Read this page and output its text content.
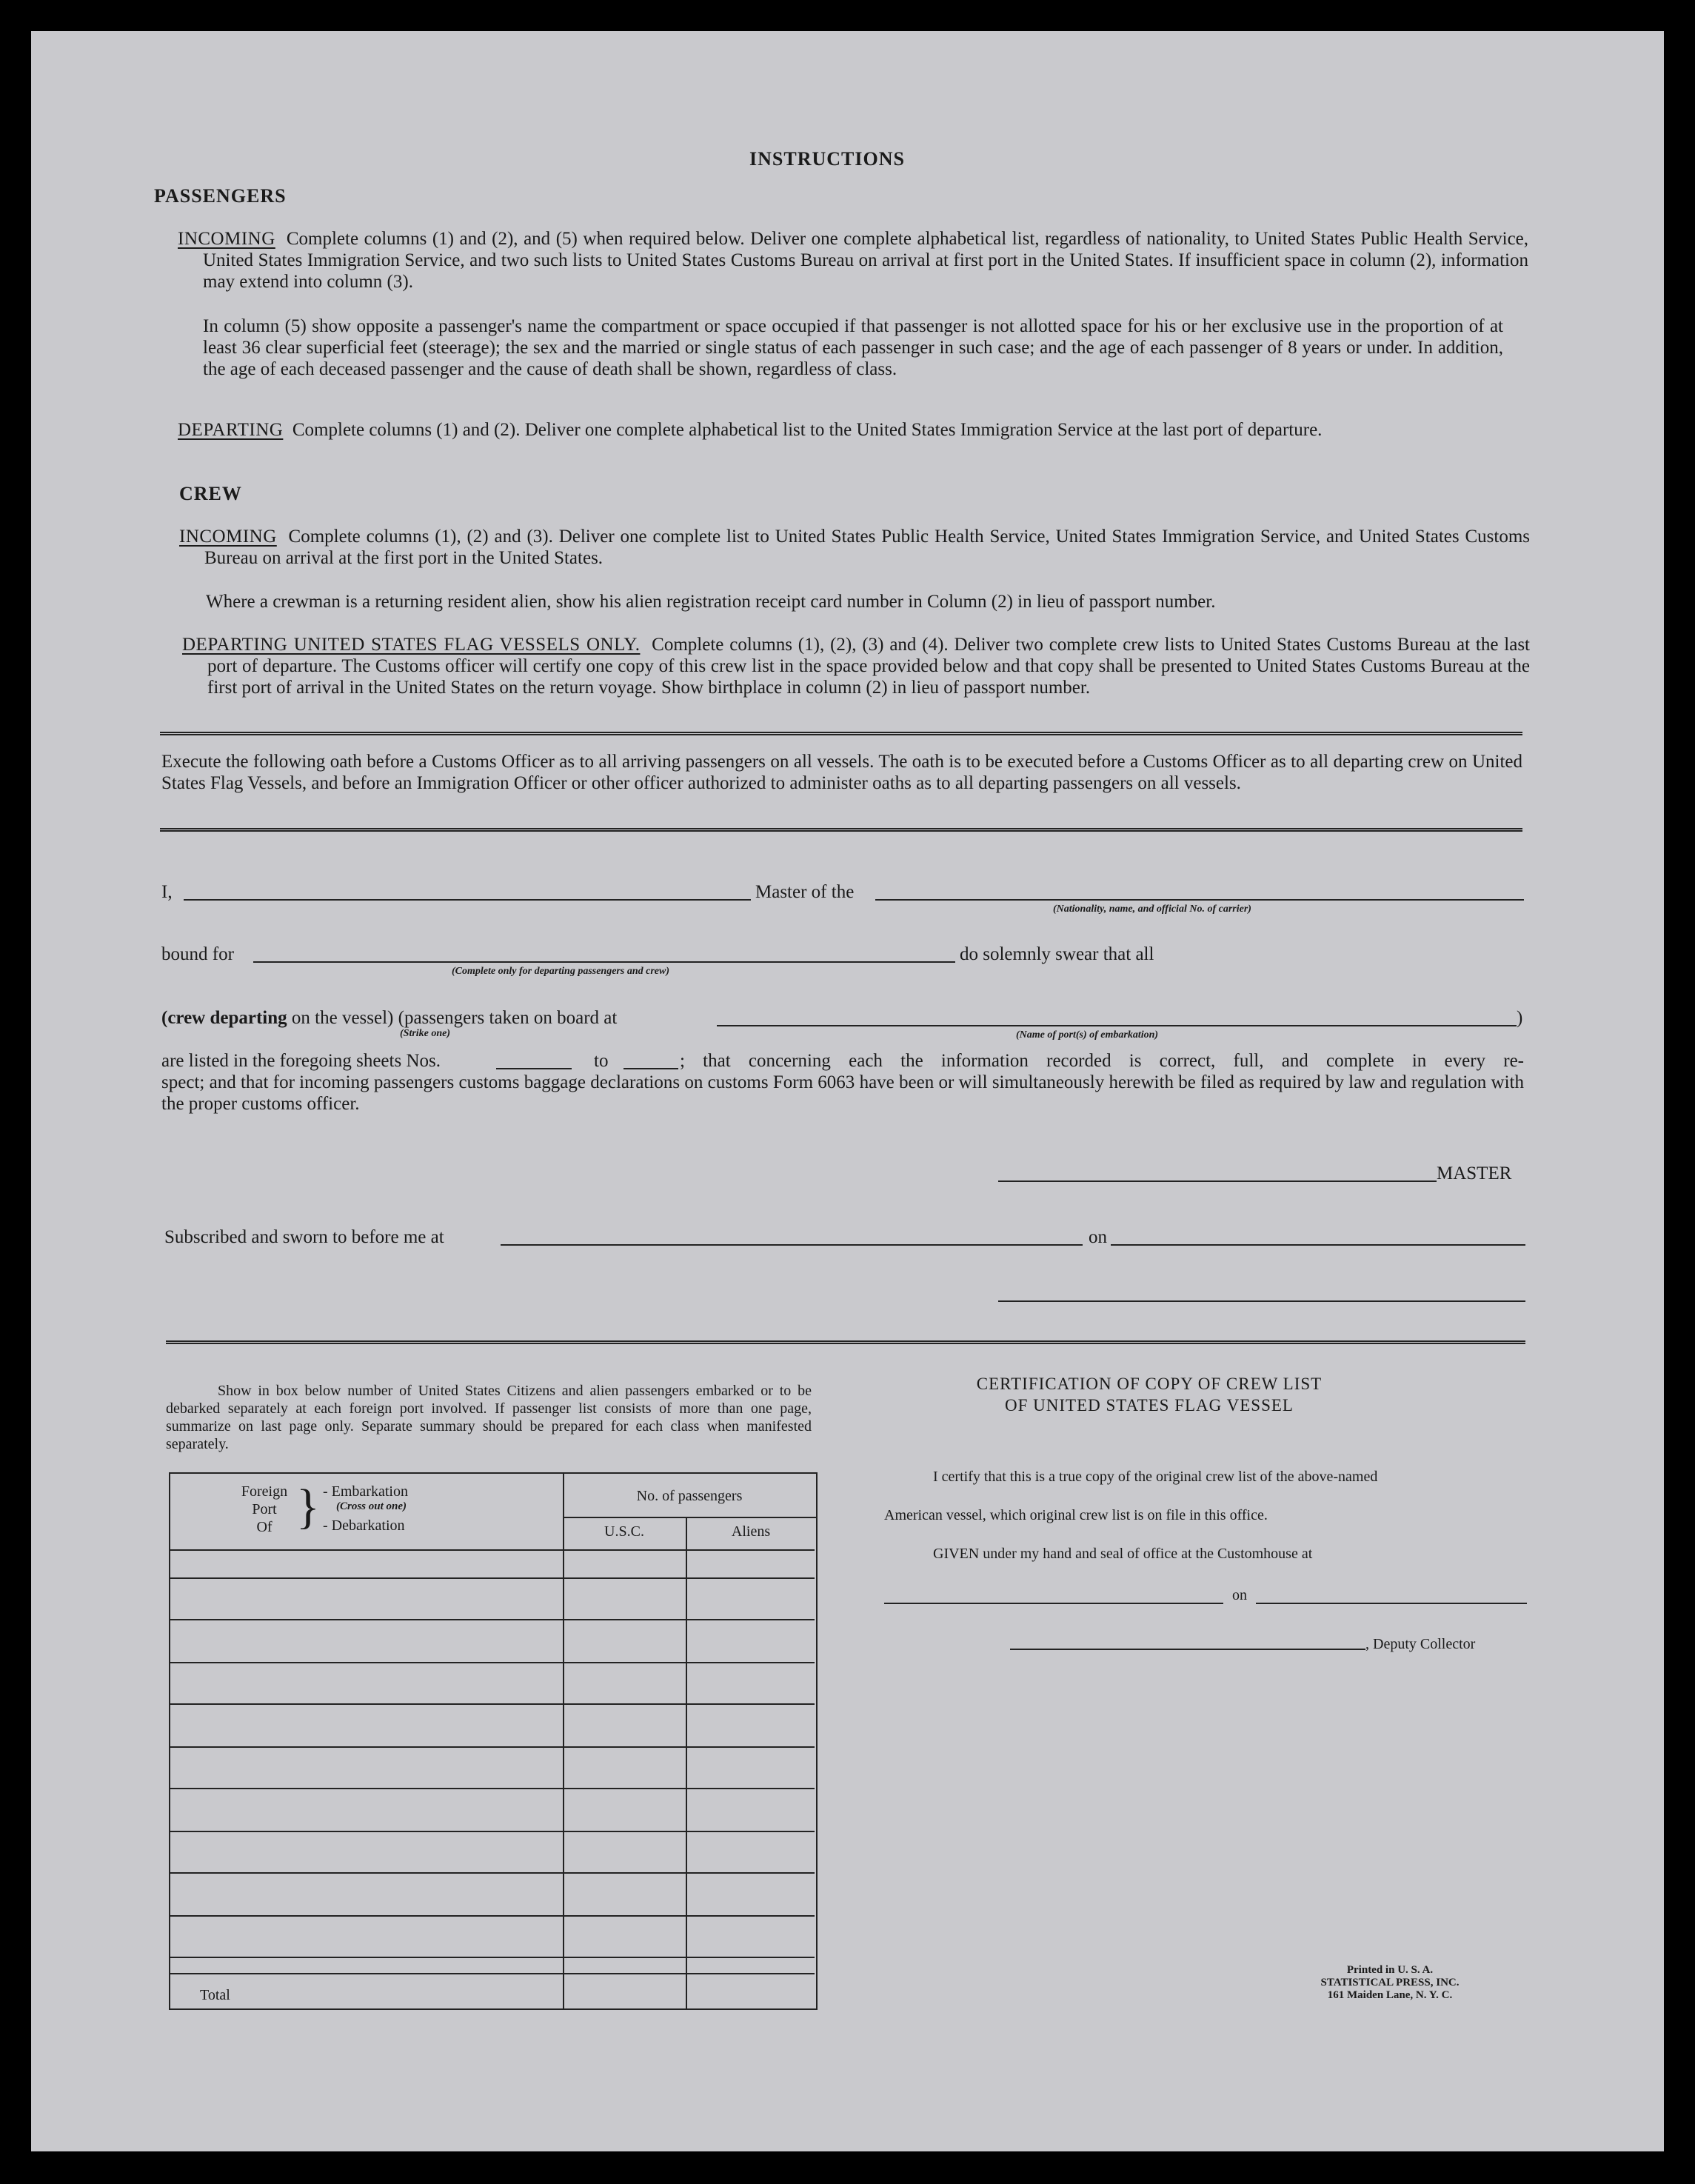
INSTRUCTIONS
PASSENGERS
INCOMING Complete columns (1) and (2), and (5) when required below. Deliver one complete alphabetical list, regardless of nationality, to United States Public Health Service, United States Immigration Service, and two such lists to United States Customs Bureau on arrival at first port in the United States. If insufficient space in column (2), information may extend into column (3).
In column (5) show opposite a passenger's name the compartment or space occupied if that passenger is not allotted space for his or her exclusive use in the proportion of at least 36 clear superficial feet (steerage); the sex and the married or single status of each passenger in such case; and the age of each passenger of 8 years or under. In addition, the age of each deceased passenger and the cause of death shall be shown, regardless of class.
DEPARTING Complete columns (1) and (2). Deliver one complete alphabetical list to the United States Immigration Service at the last port of departure.
CREW
INCOMING Complete columns (1), (2) and (3). Deliver one complete list to United States Public Health Service, United States Immigration Service, and United States Customs Bureau on arrival at the first port in the United States.
Where a crewman is a returning resident alien, show his alien registration receipt card number in Column (2) in lieu of passport number.
DEPARTING UNITED STATES FLAG VESSELS ONLY. Complete columns (1), (2), (3) and (4). Deliver two complete crew lists to United States Customs Bureau at the last port of departure. The Customs officer will certify one copy of this crew list in the space provided below and that copy shall be presented to United States Customs Bureau at the first port of arrival in the United States on the return voyage. Show birthplace in column (2) in lieu of passport number.
Execute the following oath before a Customs Officer as to all arriving passengers on all vessels. The oath is to be executed before a Customs Officer as to all departing crew on United States Flag Vessels, and before an Immigration Officer or other officer authorized to administer oaths as to all departing passengers on all vessels.
I,	Master of the
(Nationality, name, and official No. of carrier)
bound for	do solemnly swear that all
(Complete only for departing passengers and crew)
(crew departing on the vessel) (passengers taken on board at	)
(Strike one)	(Name of port(s) of embarkation)
are listed in the foregoing sheets Nos.	to	; that concerning each the information recorded is correct, full, and complete in every re-
spect; and that for incoming passengers customs baggage declarations on customs Form 6063 have been or will simultaneously herewith be filed as required by law and regulation with the proper customs officer.
MASTER
Subscribed and sworn to before me at	on
Show in box below number of United States Citizens and alien passengers embarked or to be debarked separately at each foreign port involved. If passenger list consists of more than one page, summarize on last page only. Separate summary should be prepared for each class when manifested separately.
Foreign
Port
Of } - Embarkation
(Cross out one)
- Debarkation
No. of passengers
U.S.C.	Aliens
Total
CERTIFICATION OF COPY OF CREW LIST
OF UNITED STATES FLAG VESSEL
I certify that this is a true copy of the original crew list of the above-named
American vessel, which original crew list is on file in this office.
GIVEN under my hand and seal of office at the Customhouse at
on
, Deputy Collector
Printed in U. S. A.
STATISTICAL PRESS, INC.
161 Maiden Lane, N. Y. C.
